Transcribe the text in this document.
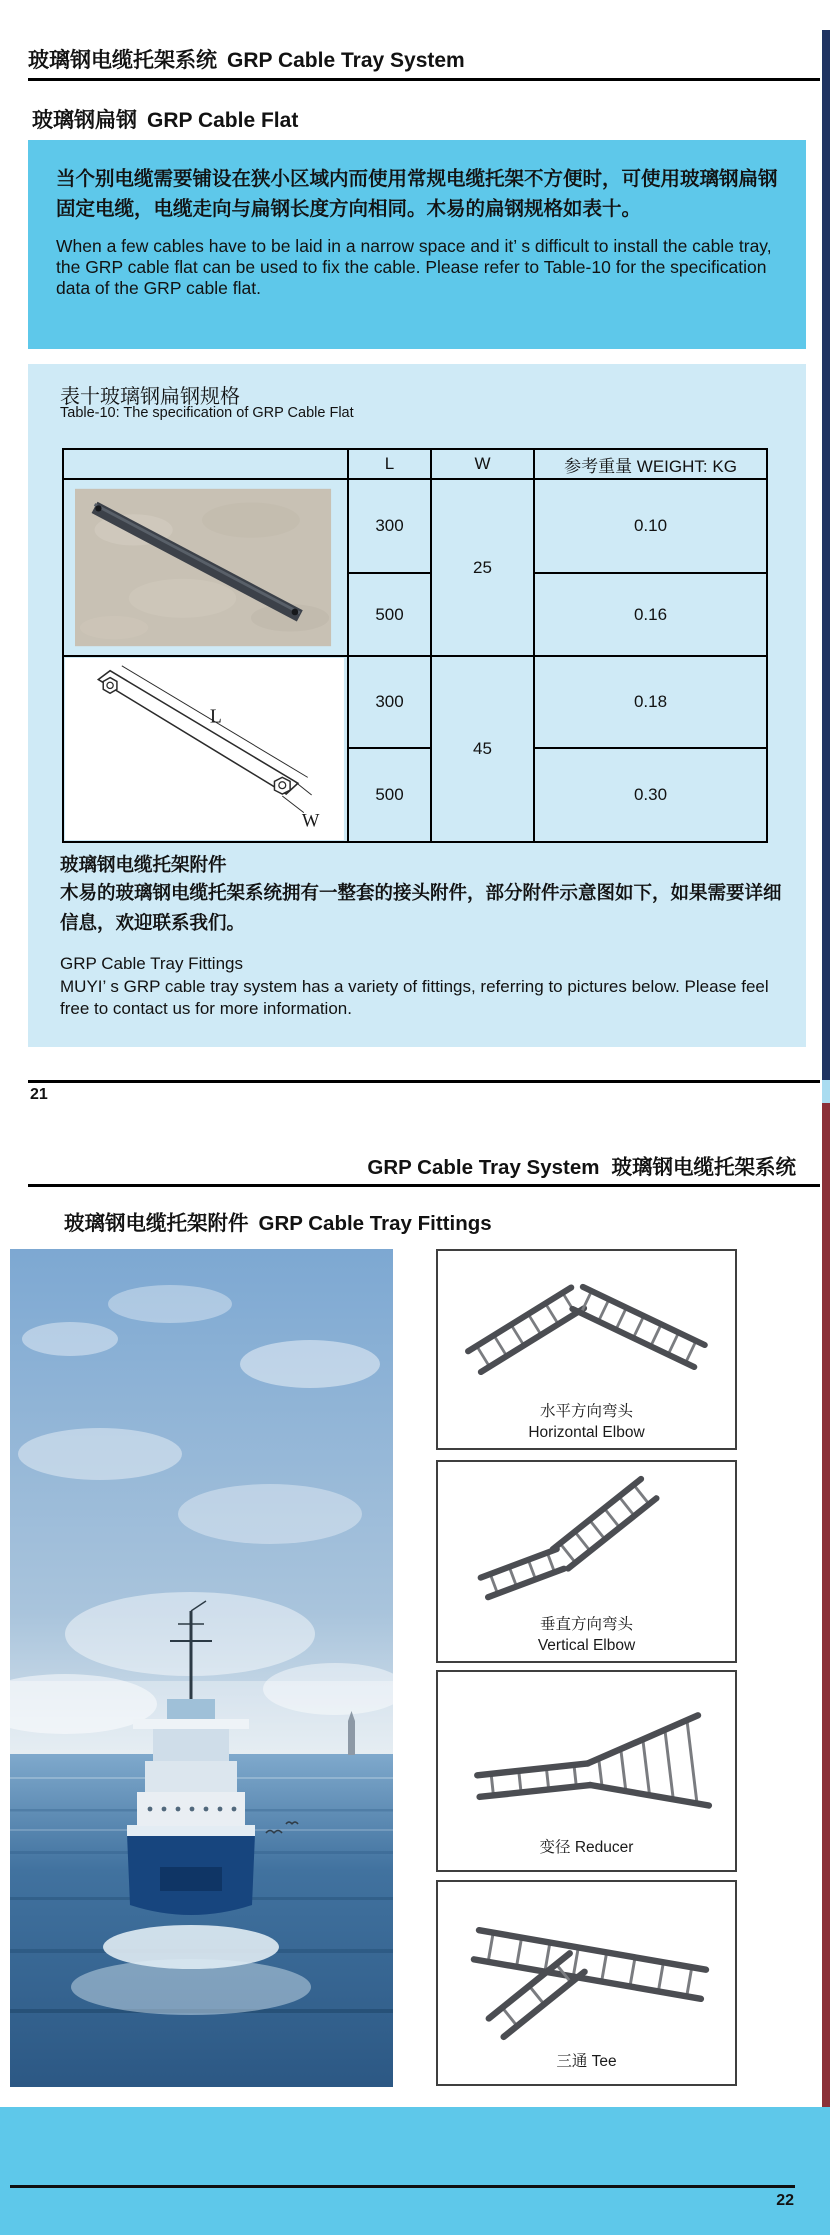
玻璃钢电缆托架系统 GRP Cable Tray System
玻璃钢扁钢 GRP Cable Flat
当个别电缆需要铺设在狭小区域内而使用常规电缆托架不方便时，可使用玻璃钢扁钢固定电缆，电缆走向与扁钢长度方向相同。木易的扁钢规格如表十。
When a few cables have to be laid in a narrow space and it’ s difficult to install the cable tray, the GRP cable flat can be used to fix the cable. Please refer to Table-10 for the specification data of the GRP cable flat.
表十玻璃钢扁钢规格
Table-10: The specification of GRP Cable Flat
	L	W	参考重量 WEIGHT: KG

	300	25	0.10
	500		0.16

L
W	300	45	0.18
	500		0.30
玻璃钢电缆托架附件
木易的玻璃钢电缆托架系统拥有一整套的接头附件，部分附件示意图如下，如果需要详细信息，欢迎联系我们。
GRP Cable Tray Fittings
MUYI’ s GRP cable tray system has a variety of fittings, referring to pictures below. Please feel free to contact us for more information.
21
GRP Cable Tray System 玻璃钢电缆托架系统
玻璃钢电缆托架附件 GRP Cable Tray Fittings
水平方向弯头
Horizontal Elbow
垂直方向弯头
Vertical Elbow
变径 Reducer
三通 Tee
22
